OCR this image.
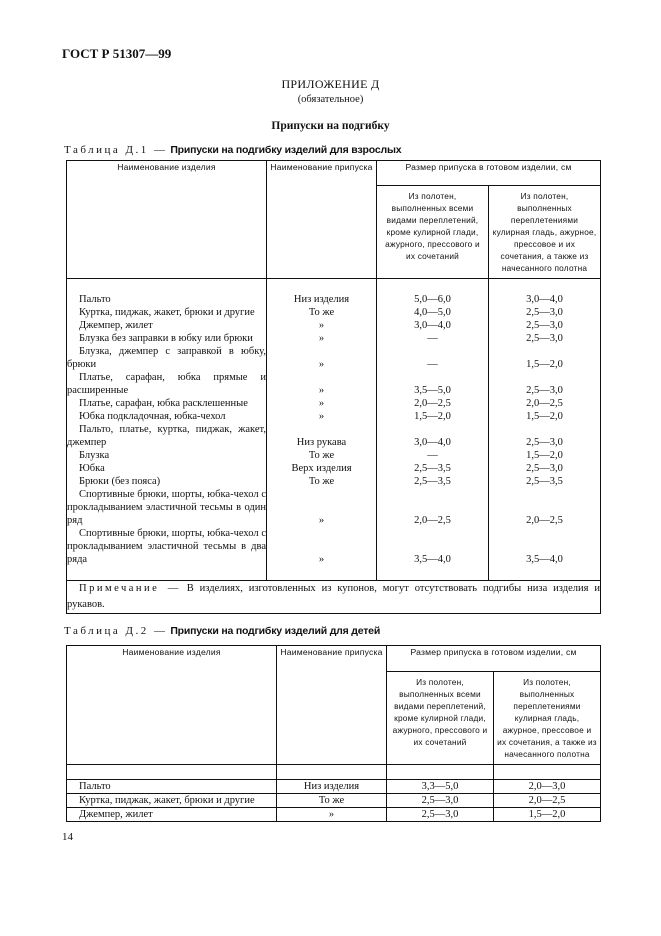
ГОСТ Р 51307—99
ПРИЛОЖЕНИЕ Д
(обязательное)
Припуски на подгибку
Таблица Д.1 — Припуски на подгибку изделий для взрослых
Наименование изделия	Наименование припуска	Размер припуска в готовом изделии, см	
		Из полотен, выполненных всеми видами переплетений, кроме кулирной глади, ажурного, прессового и их сочетаний	Из полотен, выполненных переплетениями кулирная гладь, ажурное, прессовое и их сочетания, а также из начесанного полотна

Пальто	Низ изделия	5,0—6,0	3,0—4,0
Куртка, пиджак, жакет, брюки и другие	То же	4,0—5,0	2,5—3,0
Джемпер, жилет	»	3,0—4,0	2,5—3,0
Блузка без заправки в юбку или брюки	»	—	2,5—3,0
Блузка, джемпер с заправкой в юбку, брюки	»	—	1,5—2,0
Платье, сарафан, юбка прямые и расширенные	»	3,5—5,0	2,5—3,0
Платье, сарафан, юбка расклешенные	»	2,0—2,5	2,0—2,5
Юбка подкладочная, юбка-чехол	»	1,5—2,0	1,5—2,0
Пальто, платье, куртка, пиджак, жакет, джемпер	Низ рукава	3,0—4,0	2,5—3,0
Блузка	То же	—	1,5—2,0
Юбка	Верх изделия	2,5—3,5	2,5—3,0
Брюки (без пояса)	То же	2,5—3,5	2,5—3,5
Спортивные брюки, шорты, юбка-чехол с прокладыванием эластичной тесьмы в один ряд	»	2,0—2,5	2,0—2,5
Спортивные брюки, шорты, юбка-чехол с прокладыванием эластичной тесьмы в два ряда	»	3,5—4,0	3,5—4,0

Примечание — В изделиях, изготовленных из купонов, могут отсутствовать подгибы низа изделия и рукавов.			
Таблица Д.2 — Припуски на подгибку изделий для детей
Наименование изделия	Наименование припуска	Размер припуска в готовом изделии, см	
		Из полотен, выполненных всеми видами переплетений, кроме кулирной глади, ажурного, прессового и их сочетаний	Из полотен, выполненных переплетениями кулирная гладь, ажурное, прессовое и их сочетания, а также из начесанного полотна

Пальто	Низ изделия	3,3—5,0	2,0—3,0
Куртка, пиджак, жакет, брюки и другие	То же	2,5—3,0	2,0—2,5
Джемпер, жилет	»	2,5—3,0	1,5—2,0
14
